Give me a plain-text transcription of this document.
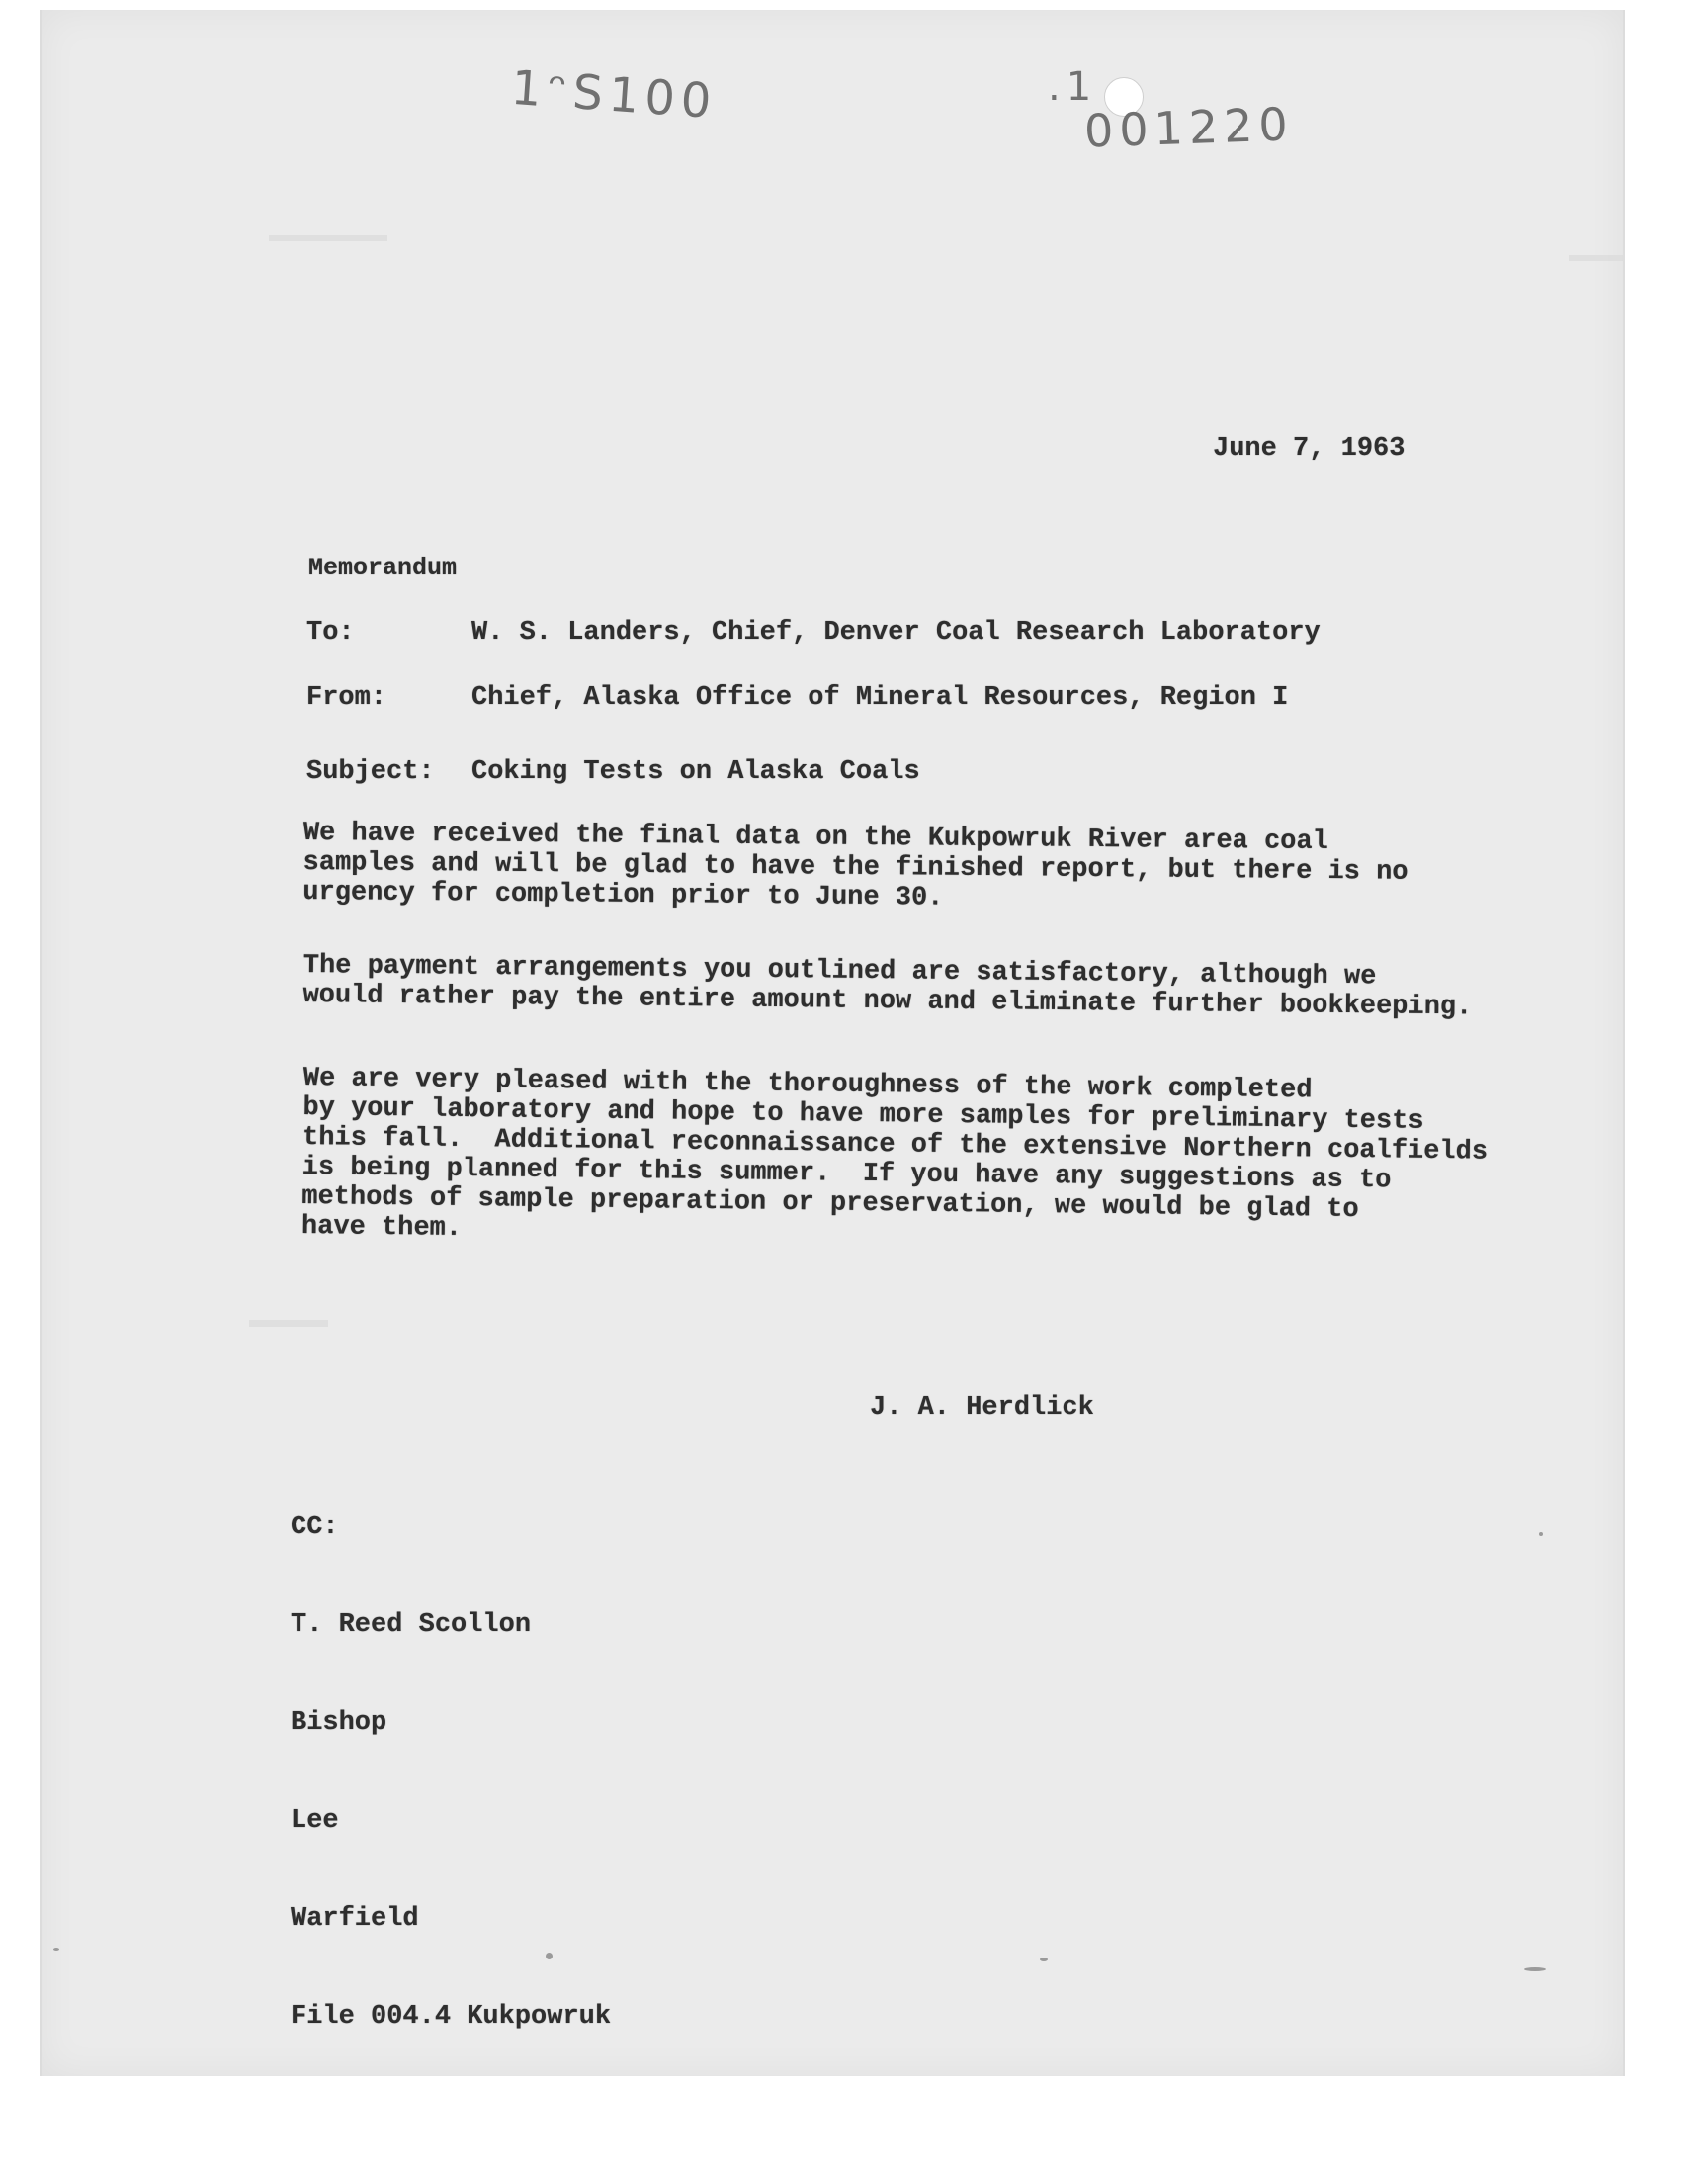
1ᵔS100	.1
001220
June 7, 1963
Memorandum
To:	W. S. Landers, Chief, Denver Coal Research Laboratory
From:	Chief, Alaska Office of Mineral Resources, Region I
Subject: Coking Tests on Alaska Coals
We have received the final data on the Kukpowruk River area coal
samples and will be glad to have the finished report, but there is no
urgency for completion prior to June 30.
The payment arrangements you outlined are satisfactory, although we
would rather pay the entire amount now and eliminate further bookkeeping.
We are very pleased with the thoroughness of the work completed
by your laboratory and hope to have more samples for preliminary tests
this fall.  Additional reconnaissance of the extensive Northern coalfields
is being planned for this summer.  If you have any suggestions as to
methods of sample preparation or preservation, we would be glad to
have them.
J. A. Herdlick

CC:

T. Reed Scollon

Bishop

Lee

Warfield

File 004.4 Kukpowruk
